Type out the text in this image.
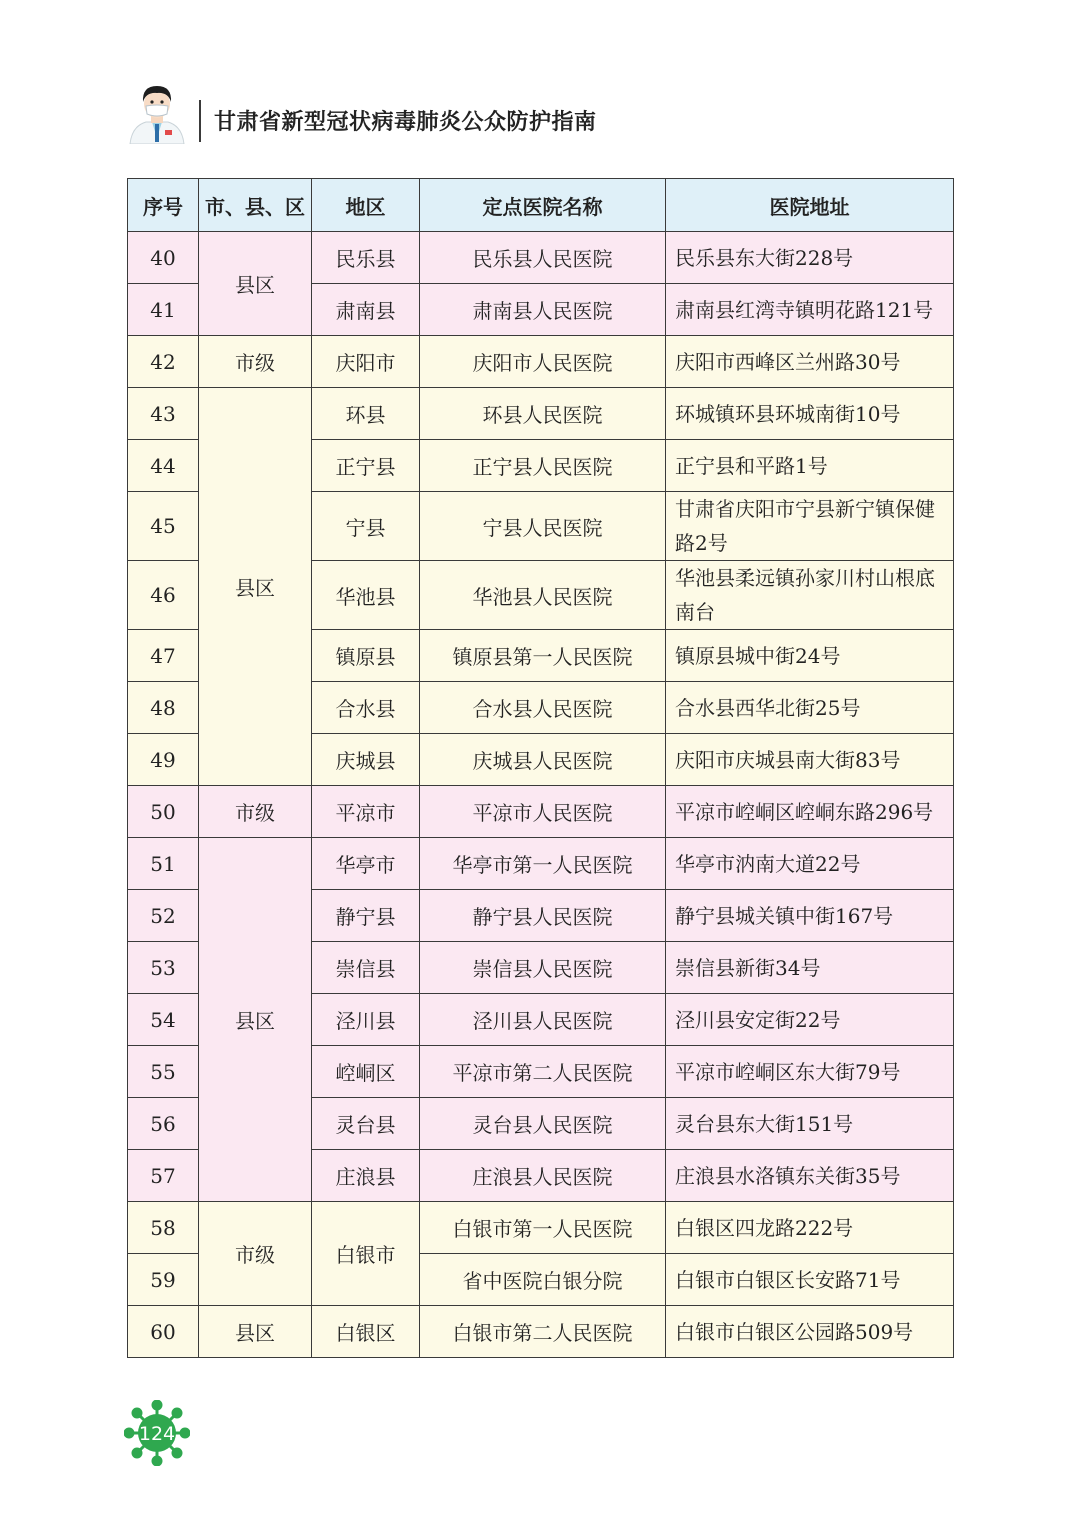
甘肃省新型冠状病毒肺炎公众防护指南
序号	市、县、区	地区	定点医院名称	医院地址
40	县区	民乐县	民乐县人民医院	民乐县东大街228号
41		肃南县	肃南县人民医院	肃南县红湾寺镇明花路121号
42	市级	庆阳市	庆阳市人民医院	庆阳市西峰区兰州路30号
43	县区	环县	环县人民医院	环城镇环县环城南街10号
44		正宁县	正宁县人民医院	正宁县和平路1号
45		宁县	宁县人民医院	甘肃省庆阳市宁县新宁镇保健路2号
46		华池县	华池县人民医院	华池县柔远镇孙家川村山根底南台
47		镇原县	镇原县第一人民医院	镇原县城中街24号
48		合水县	合水县人民医院	合水县西华北街25号
49		庆城县	庆城县人民医院	庆阳市庆城县南大街83号
50	市级	平凉市	平凉市人民医院	平凉市崆峒区崆峒东路296号
51	县区	华亭市	华亭市第一人民医院	华亭市汭南大道22号
52		静宁县	静宁县人民医院	静宁县城关镇中街167号
53		崇信县	崇信县人民医院	崇信县新街34号
54		泾川县	泾川县人民医院	泾川县安定街22号
55		崆峒区	平凉市第二人民医院	平凉市崆峒区东大街79号
56		灵台县	灵台县人民医院	灵台县东大街151号
57		庄浪县	庄浪县人民医院	庄浪县水洛镇东关街35号
58	市级	白银市	白银市第一人民医院	白银区四龙路222号
59			省中医院白银分院	白银市白银区长安路71号
60	县区	白银区	白银市第二人民医院	白银市白银区公园路509号
124
